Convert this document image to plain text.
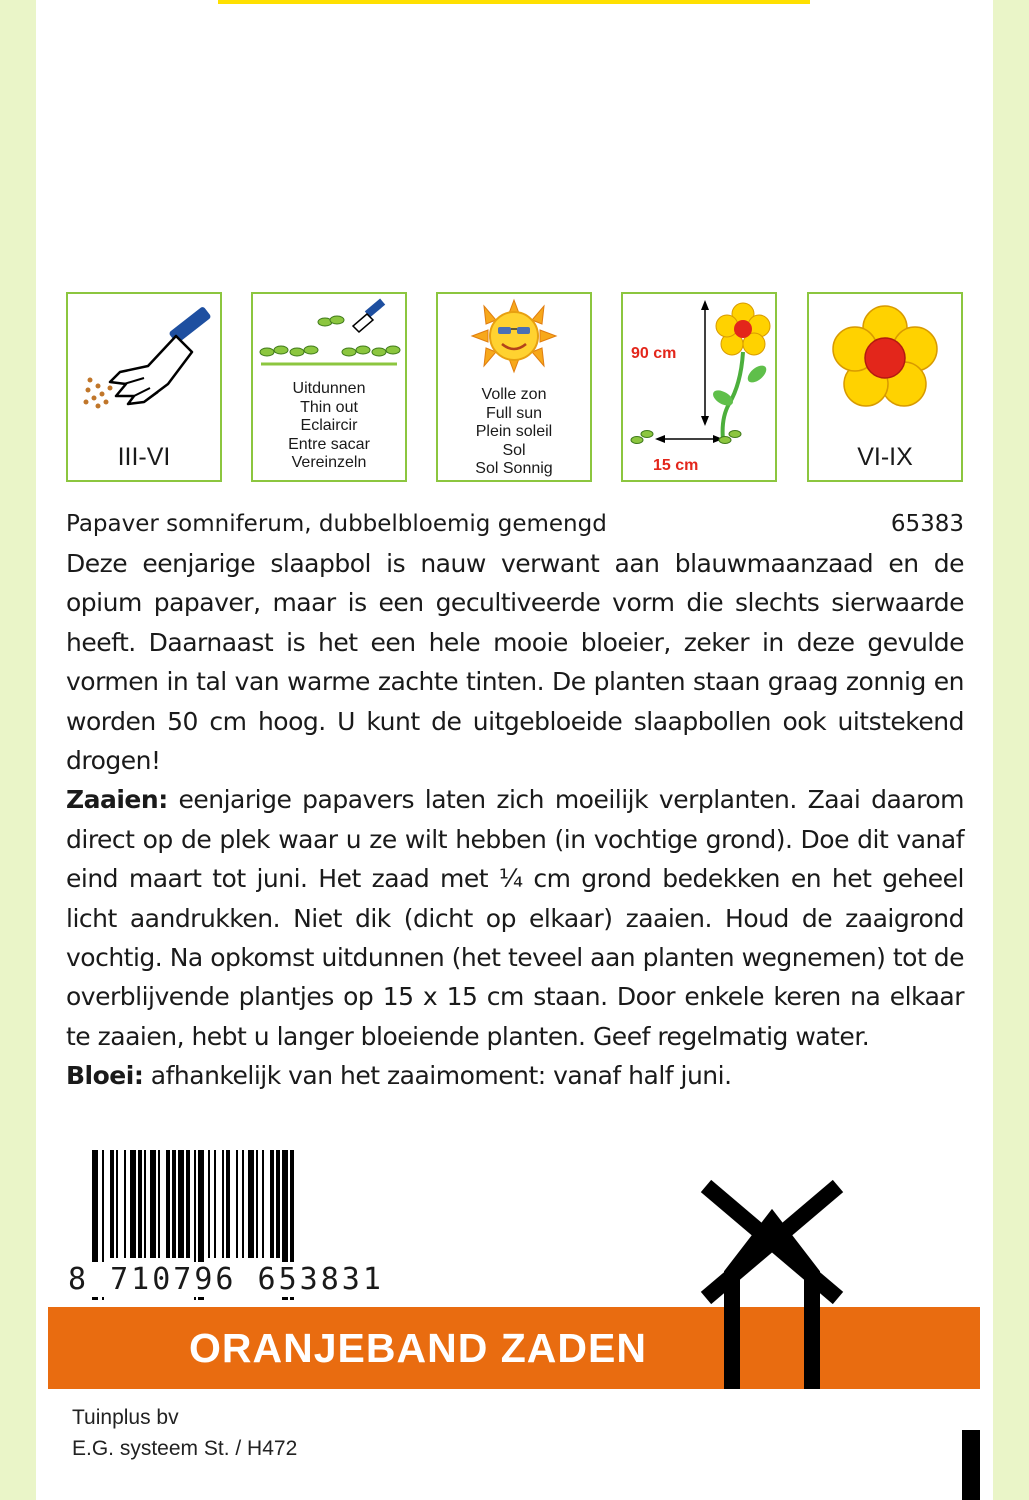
III-VI
Uitdunnen
Thin out
Eclaircir
Entre sacar
Vereinzeln
Volle zon
Full sun
Plein soleil
Sol
Sol Sonnig
90 cm
15 cm	VI-IX
Papaver somniferum, dubbelbloemig gemengd	65383
Deze eenjarige slaapbol is nauw verwant aan blauwmaanzaad en de opium papaver, maar is een gecultiveerde vorm die slechts sierwaarde heeft. Daarnaast is het een hele mooie bloeier, zeker in deze gevulde vormen in tal van warme zachte tinten. De planten staan graag zonnig en worden 50 cm hoog. U kunt de uitgebloeide slaapbollen ook uitstekend drogen!
Zaaien: eenjarige papavers laten zich moeilijk verplanten. Zaai daarom direct op de plek waar u ze wilt hebben (in vochtige grond). Doe dit vanaf eind maart tot juni. Het zaad met ¼ cm grond bedekken en het geheel licht aandrukken. Niet dik (dicht op elkaar) zaaien. Houd de zaaigrond vochtig. Na opkomst uitdunnen (het teveel aan planten wegnemen) tot de overblijvende plantjes op 15 x 15 cm staan. Door enkele keren na elkaar te zaaien, hebt u langer bloeiende planten. Geef regelmatig water.
Bloei: afhankelijk van het zaaimoment: vanaf half juni.
8 710796 653831
ORANJEBAND ZADEN
Tuinplus bv
E.G. systeem St. / H472
